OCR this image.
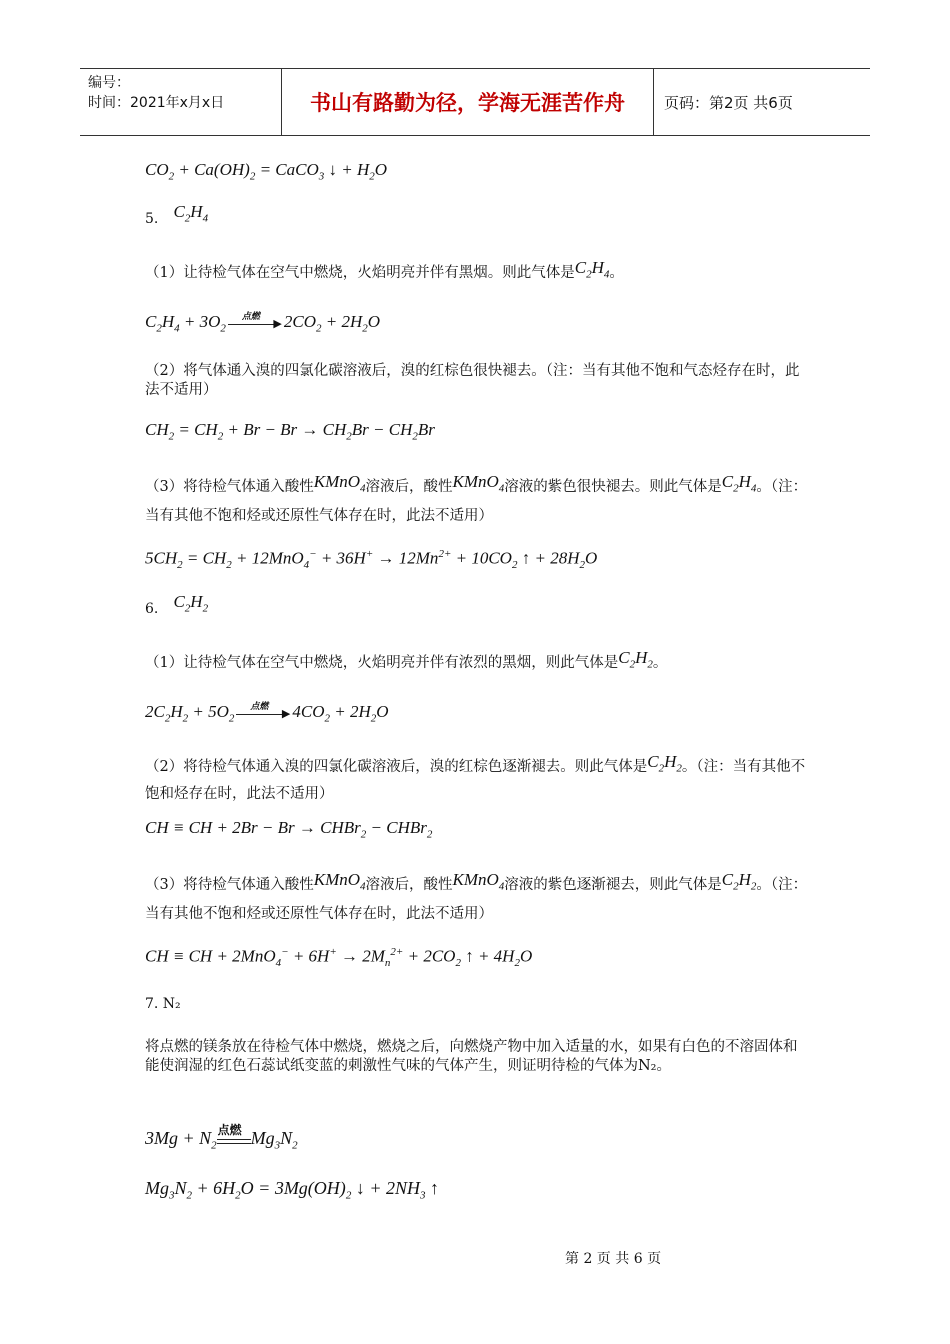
编号：
时间：2021年x月x日	书山有路勤为径，学海无涯苦作舟	页码：第2页 共6页
$CO_2 + Ca(OH)_2$ = CaCO$_3$ ↓ + $H_2O$
5. $C_2H_4$
（1）让待检气体在空气中燃烧，火焰明亮并伴有黑烟。则此气体是$C_2H_4$。
$C_2H_4 + 3O_2$
点燃
▶ $2CO_2 + 2H_2O$
（2）将气体通入溴的四氯化碳溶液后，溴的红棕色很快褪去。（注：当有其他不饱和气态烃存在时，此法不适用）
$CH_2 = CH_2 + Br - Br \to CH_2Br - CH_2Br$
（3）将待检气体通入酸性KMnO$_4$溶液后，酸性KMnO$_4$溶液的紫色很快褪去。则此气体是$C_2H_4$。（注：当有其他不饱和烃或还原性气体存在时，此法不适用）
$5CH_2 = CH_2 + 12MnO_4^- + 36H^+ \to 12Mn^{2+} + 10CO_2$ ↑ + $28H_2O$
6. $C_2H_2$
（1）让待检气体在空气中燃烧，火焰明亮并伴有浓烈的黑烟，则此气体是$C_2H_2$。
$2C_2H_2 + 5O_2$
点燃
▶ $4CO_2 + 2H_2O$
（2）将待检气体通入溴的四氯化碳溶液后，溴的红棕色逐渐褪去。则此气体是$C_2H_2$。（注：当有其他不饱和烃存在时，此法不适用）
CH ≡ CH + 2Br − Br → CHBr$_2$ − CHBr$_2$
（3）将待检气体通入酸性KMnO$_4$溶液后，酸性KMnO$_4$溶液的紫色逐渐褪去，则此气体是$C_2H_2$。（注：当有其他不饱和烃或还原性气体存在时，此法不适用）
CH ≡ CH + $2MnO_4^- + 6H^+ \to 2M_n^{2+} + 2CO_2$ ↑ + $4H_2O$
7. N₂
将点燃的镁条放在待检气体中燃烧，燃烧之后，向燃烧产物中加入适量的水，如果有白色的不溶固体和能使润湿的红色石蕊试纸变蓝的刺激性气味的气体产生，则证明待检的气体为N₂。
$3Mg + N_2$
点燃 $Mg_3N_2$
$Mg_3N_2 + 6H_2O = 3Mg(OH)_2$ ↓ + $2NH_3$ ↑
第 2 页 共 6 页
